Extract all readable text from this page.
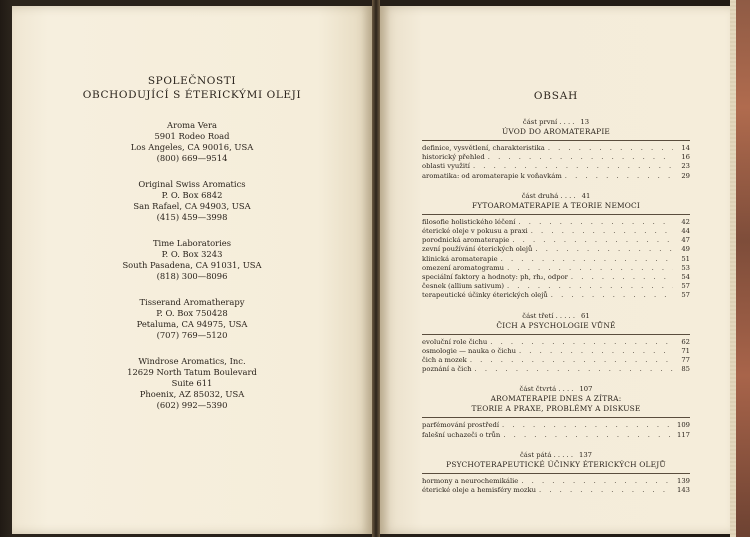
SPOLEČNOSTI
OBCHODUJÍCÍ S ÉTERICKÝMI OLEJI
Aroma Vera
5901 Rodeo Road
Los Angeles, CA 90016, USA
(800) 669—9514
Original Swiss Aromatics
P. O. Box 6842
San Rafael, CA 94903, USA
(415) 459—3998
Time Laboratories
P. O. Box 3243
South Pasadena, CA 91031, USA
(818) 300—8096
Tisserand Aromatherapy
P. O. Box 750428
Petaluma, CA 94975, USA
(707) 769—5120
Windrose Aromatics, Inc.
12629 North Tatum Boulevard
Suite 611
Phoenix, AZ 85032, USA
(602) 992—5390
OBSAH
část první . . . . 13
ÚVOD DO AROMATERAPIE
definice, vysvětlení, charakteristika . . .	14
historický přehled . . .	16
oblasti využití . . .	23
aromatika: od aromaterapie k voňavkám . . .	29
část druhá . . . . 41
FYTOAROMATERAPIE A TEORIE NEMOCI
filosofie holistického léčení . . .	42
éterické oleje v pokusu a praxi . . .	44
porodnická aromaterapie . . .	47
zevní používání éterických olejů . . .	49
klinická aromaterapie . . .	51
omezení aromatogramu . . .	53
speciální faktory a hodnoty: ph, rh₂, odpor . . .	54
česnek (allium sativum) . . .	57
terapeutické účinky éterických olejů . . .	57
část třetí . . . . . 61
ČICH A PSYCHOLOGIE VŮNĚ
evoluční role čichu . . .	62
osmologie — nauka o čichu . . .	71
čich a mozek . . .	77
poznání a čich . . .	85
část čtvrtá . . . . 107
AROMATERAPIE DNES A ZÍTRA:
TEORIE A PRAXE, PROBLÉMY A DISKUSE
parfémování prostředí . . .	109
falešní uchazeči o trůn . . .	117
část pátá . . . . . 137
PSYCHOTERAPEUTICKÉ ÚČINKY ÉTERICKÝCH OLEJŮ
hormony a neurochemikálie . . .	139
éterické oleje a hemisféry mozku . . .	143
